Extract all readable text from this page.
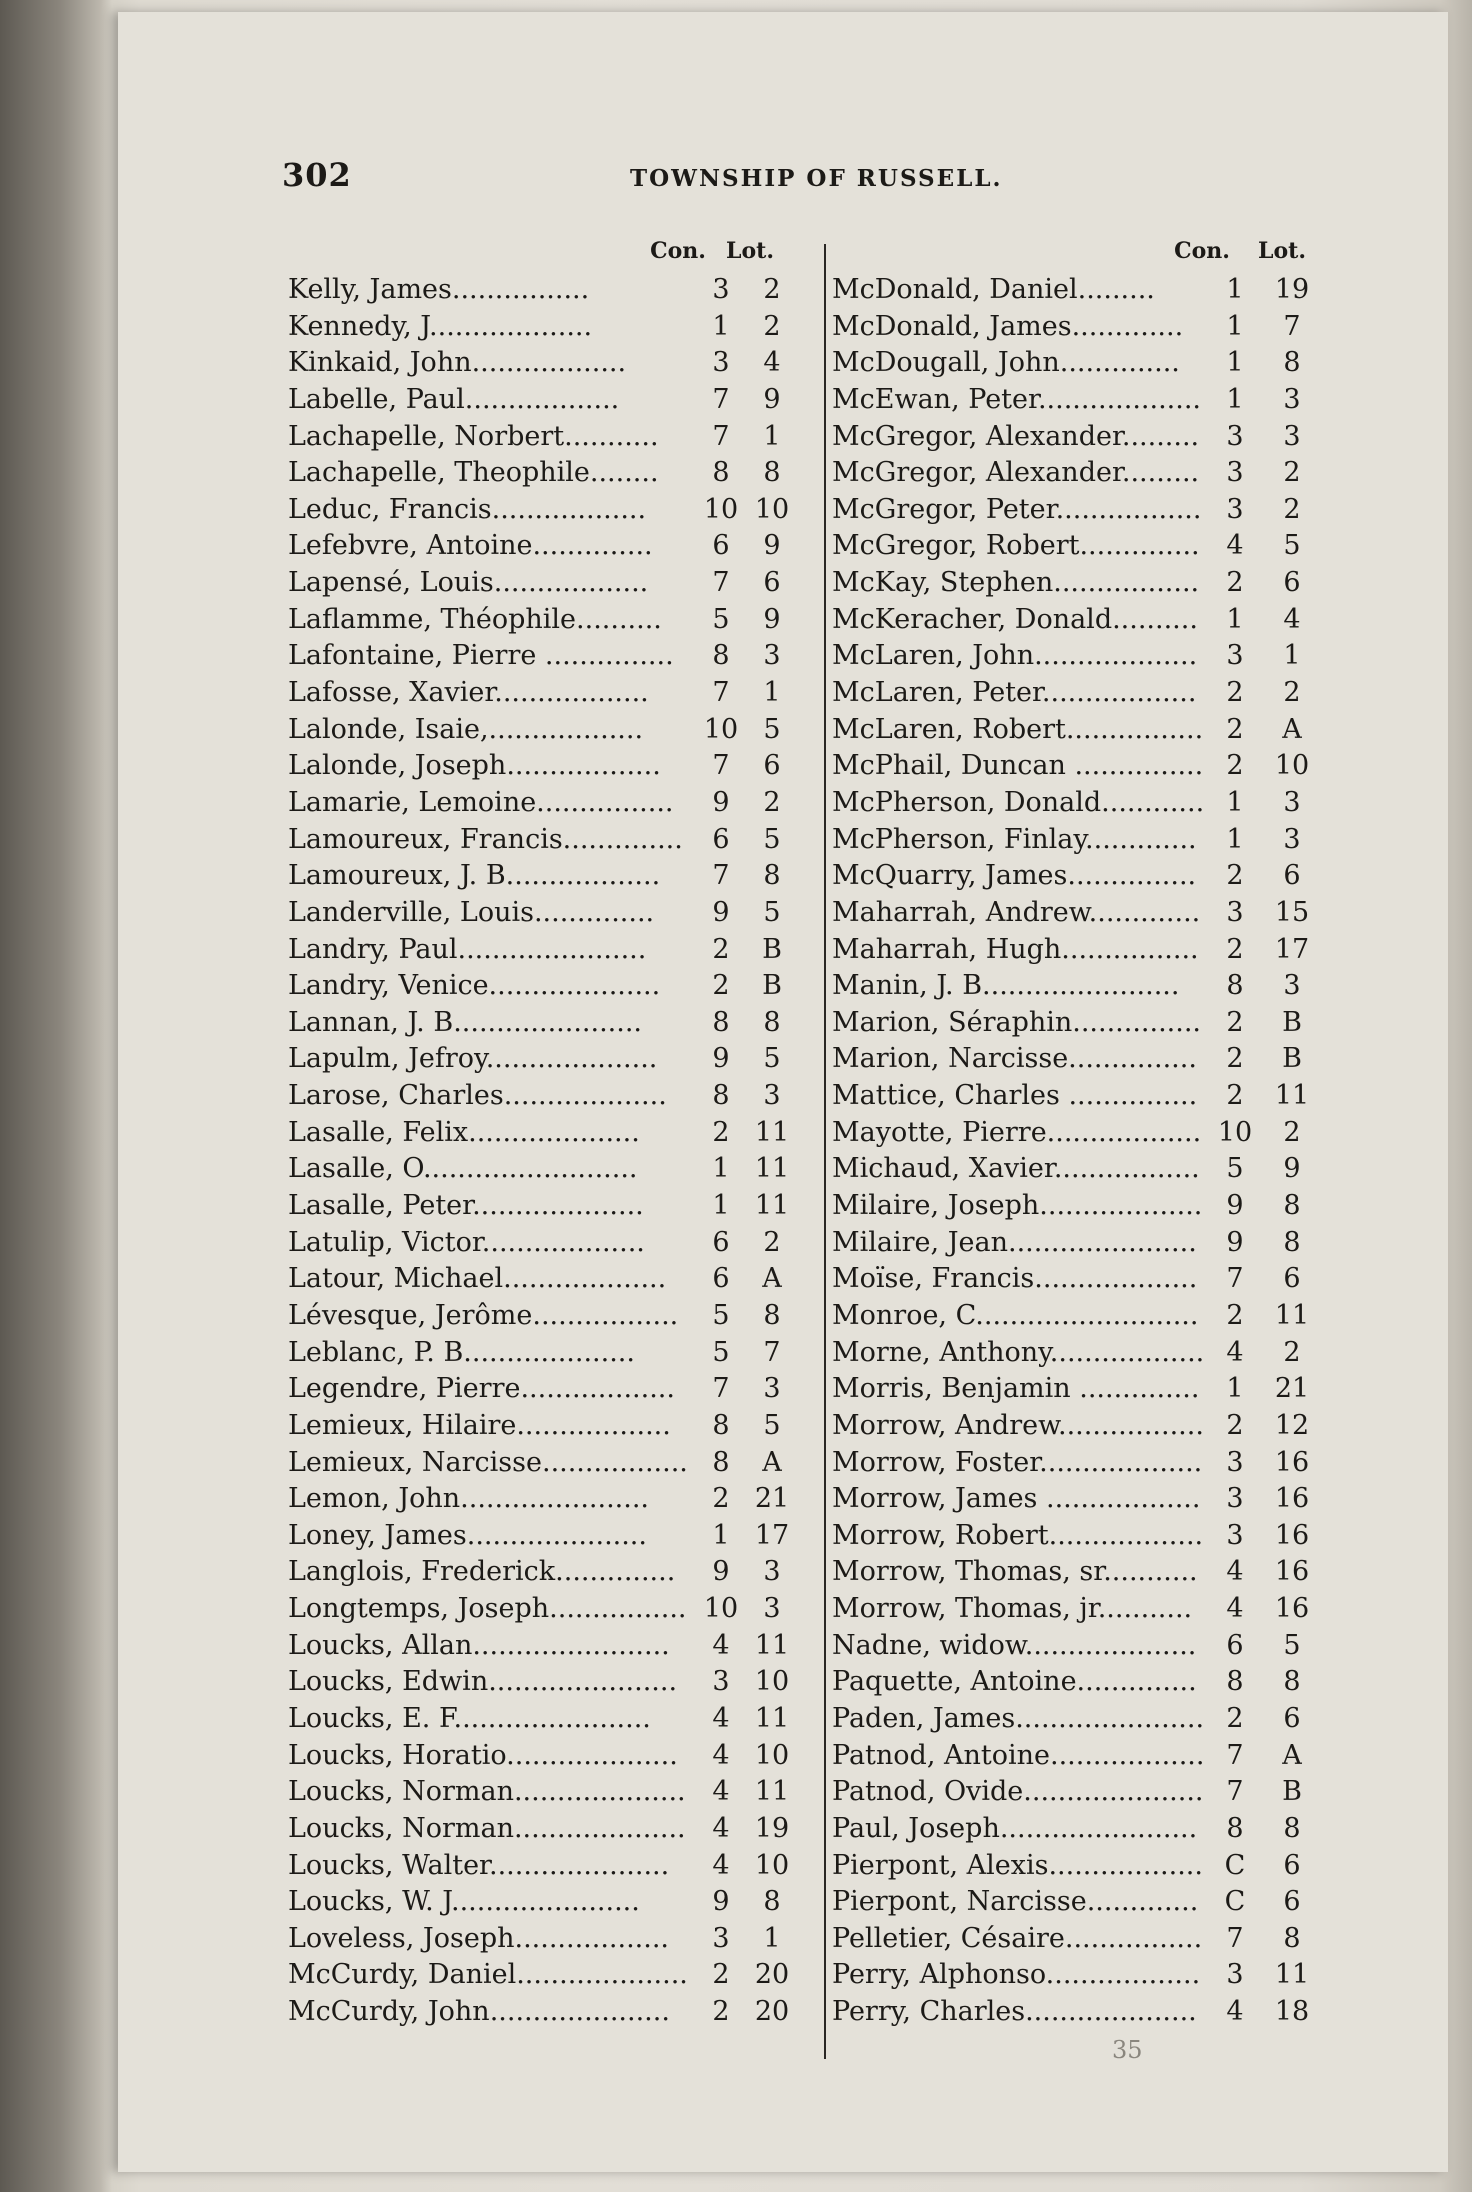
302	TOWNSHIP OF RUSSELL.
Con. Lot.
Kelly, James................	3	2
Kennedy, J...................	1	2
Kinkaid, John..................	3	4
Labelle, Paul..................	7	9
Lachapelle, Norbert...........	7	1
Lachapelle, Theophile........	8	8
Leduc, Francis.................. 10 10
Lefebvre, Antoine..............	6	9
Lapensé, Louis..................	7	6
Laflamme, Théophile..........	5	9
Lafontaine, Pierre ...............	8	3
Lafosse, Xavier..................	7	1
Lalonde, Isaie,.................. 10 5
Lalonde, Joseph..................	7	6
Lamarie, Lemoine................	9	2
Lamoureux, Francis..............	6	5
Lamoureux, J. B..................	7	8
Landerville, Louis..............	9	5
Landry, Paul......................	2	B
Landry, Venice....................	2	B
Lannan, J. B......................	8	8
Lapulm, Jefroy....................	9	5
Larose, Charles...................	8	3
Lasalle, Felix....................	2 11
Lasalle, O.........................	1 11
Lasalle, Peter....................	1 11
Latulip, Victor...................	6	2
Latour, Michael...................	6	A
Lévesque, Jerôme.................	5	8
Leblanc, P. B....................	5	7
Legendre, Pierre..................	7	3
Lemieux, Hilaire..................	8	5
Lemieux, Narcisse................. 8	A
Lemon, John......................	2 21
Loney, James.....................	1 17
Langlois, Frederick..............	9	3
Longtemps, Joseph................ 10 3
Loucks, Allan.......................	4 11
Loucks, Edwin......................	3 10
Loucks, E. F.......................	4 11
Loucks, Horatio....................	4 10
Loucks, Norman.................... 4 11
Loucks, Norman.................... 4 19
Loucks, Walter.....................	4 10
Loucks, W. J......................	9	8
Loveless, Joseph..................	3	1
McCurdy, Daniel.................... 2 20
McCurdy, John.....................	2 20
Con. Lot.
McDonald, Daniel.........	1	19
McDonald, James.............	1	7
McDougall, John..............	1	8
McEwan, Peter................... 1	3
McGregor, Alexander.........	3	3
McGregor, Alexander.........	3	2
McGregor, Peter................. 3	2
McGregor, Robert.............. 4	5
McKay, Stephen.................	2	6
McKeracher, Donald..........	1	4
McLaren, John...................	3	1
McLaren, Peter..................	2	2
McLaren, Robert................ 2	A
McPhail, Duncan ............... 2	10
McPherson, Donald............ 1	3
McPherson, Finlay.............	1	3
McQuarry, James...............	2	6
Maharrah, Andrew............. 3	15
Maharrah, Hugh................	2	17
Manin, J. B.......................	8	3
Marion, Séraphin............... 2	B
Marion, Narcisse...............	2	B
Mattice, Charles ...............	2	11
Mayotte, Pierre.................. 10	2
Michaud, Xavier................. 5	9
Milaire, Joseph................... 9	8
Milaire, Jean......................	9	8
Moïse, Francis...................	7	6
Monroe, C..........................	2	11
Morne, Anthony.................. 4	2
Morris, Benjamin .............. 1	21
Morrow, Andrew................. 2	12
Morrow, Foster................... 3	16
Morrow, James .................. 3	16
Morrow, Robert.................. 3	16
Morrow, Thomas, sr...........	4	16
Morrow, Thomas, jr...........	4	16
Nadne, widow....................	6	5
Paquette, Antoine..............	8	8
Paden, James...................... 2	6
Patnod, Antoine.................. 7	A
Patnod, Ovide..................... 7	B
Paul, Joseph.......................	8	8
Pierpont, Alexis.................. C	6
Pierpont, Narcisse............. C	6
Pelletier, Césaire................ 7	8
Perry, Alphonso.................. 3	11
Perry, Charles....................	4	18
35
